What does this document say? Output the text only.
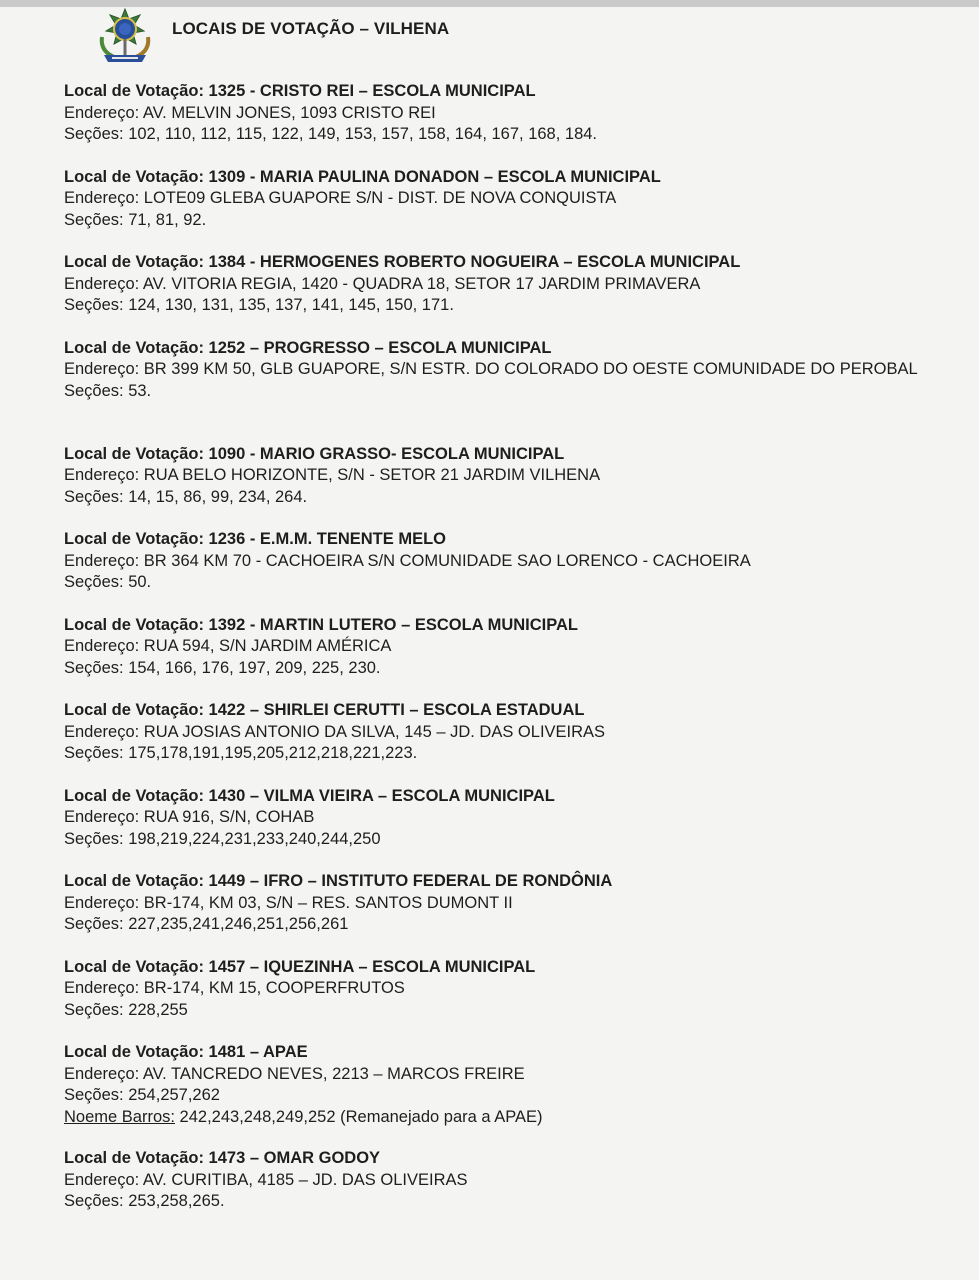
LOCAIS DE VOTAÇÃO – VILHENA
Local de Votação: 1325 - CRISTO REI – ESCOLA MUNICIPAL
Endereço: AV. MELVIN JONES, 1093 CRISTO REI
Seções: 102, 110, 112, 115, 122, 149, 153, 157, 158, 164, 167, 168, 184.
Local de Votação: 1309 - MARIA PAULINA DONADON – ESCOLA MUNICIPAL
Endereço: LOTE09 GLEBA GUAPORE S/N - DIST. DE NOVA CONQUISTA
Seções: 71, 81, 92.
Local de Votação: 1384 - HERMOGENES ROBERTO NOGUEIRA – ESCOLA MUNICIPAL
Endereço: AV. VITORIA REGIA, 1420 - QUADRA 18, SETOR 17 JARDIM PRIMAVERA
Seções: 124, 130, 131, 135, 137, 141, 145, 150, 171.
Local de Votação: 1252 – PROGRESSO – ESCOLA MUNICIPAL
Endereço: BR 399 KM 50, GLB GUAPORE, S/N ESTR. DO COLORADO DO OESTE COMUNIDADE DO PEROBAL
Seções: 53.
Local de Votação: 1090 - MARIO GRASSO- ESCOLA MUNICIPAL
Endereço: RUA BELO HORIZONTE, S/N - SETOR 21 JARDIM VILHENA
Seções: 14, 15, 86, 99, 234, 264.
Local de Votação: 1236 - E.M.M. TENENTE MELO
Endereço: BR 364 KM 70 - CACHOEIRA S/N COMUNIDADE SAO LORENCO - CACHOEIRA
Seções: 50.
Local de Votação: 1392 - MARTIN LUTERO – ESCOLA MUNICIPAL
Endereço: RUA 594, S/N JARDIM AMÉRICA
Seções: 154, 166, 176, 197, 209, 225, 230.
Local de Votação: 1422 – SHIRLEI CERUTTI – ESCOLA ESTADUAL
Endereço: RUA JOSIAS ANTONIO DA SILVA, 145 – JD. DAS OLIVEIRAS
Seções: 175,178,191,195,205,212,218,221,223.
Local de Votação: 1430 – VILMA VIEIRA – ESCOLA MUNICIPAL
Endereço: RUA 916, S/N, COHAB
Seções: 198,219,224,231,233,240,244,250
Local de Votação: 1449 – IFRO – INSTITUTO FEDERAL DE RONDÔNIA
Endereço: BR-174, KM 03, S/N – RES. SANTOS DUMONT II
Seções: 227,235,241,246,251,256,261
Local de Votação: 1457 – IQUEZINHA – ESCOLA MUNICIPAL
Endereço: BR-174, KM 15, COOPERFRUTOS
Seções: 228,255
Local de Votação: 1481 – APAE
Endereço: AV. TANCREDO NEVES, 2213 – MARCOS FREIRE
Seções: 254,257,262
Noeme Barros: 242,243,248,249,252 (Remanejado para a APAE)
Local de Votação: 1473 – OMAR GODOY
Endereço: AV. CURITIBA, 4185 – JD. DAS OLIVEIRAS
Seções: 253,258,265.
